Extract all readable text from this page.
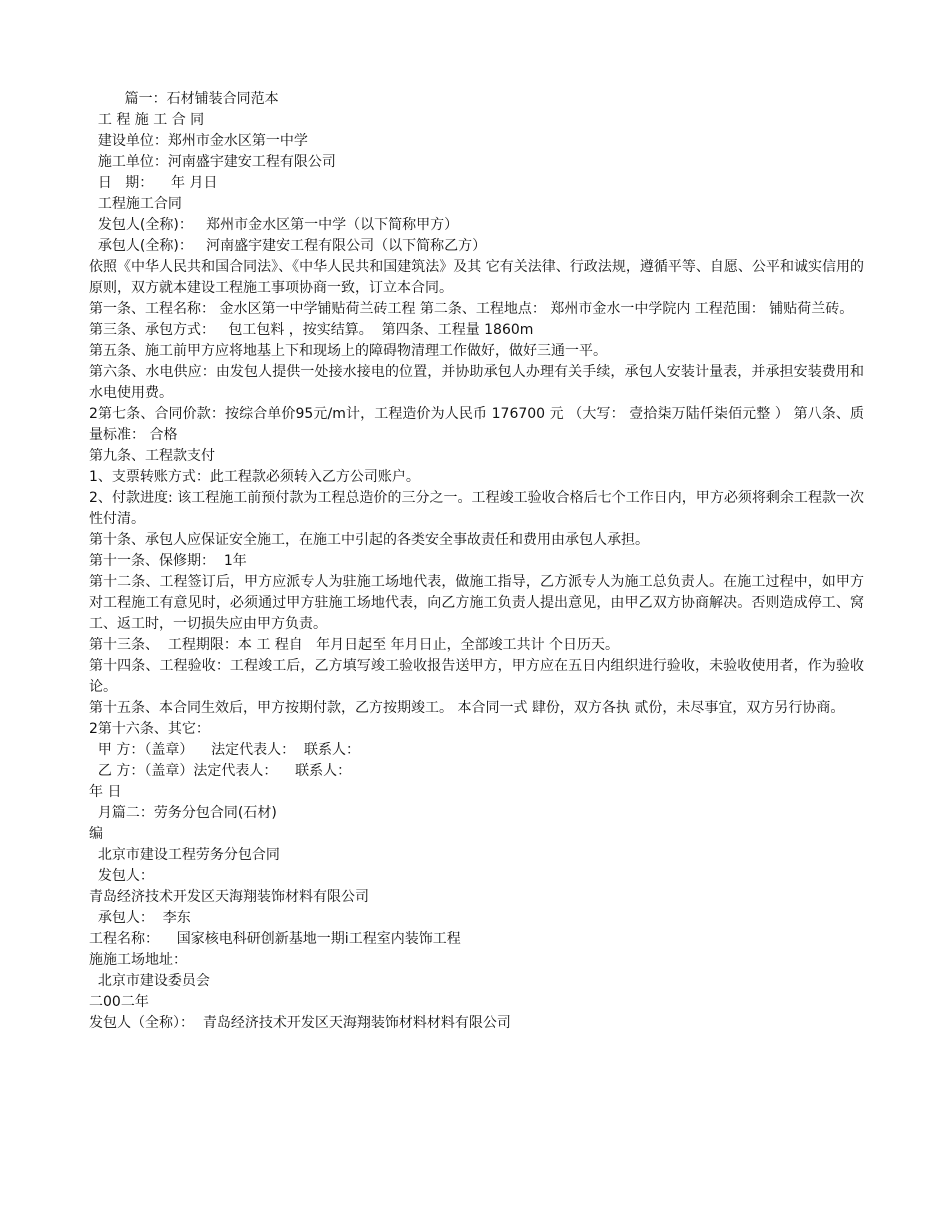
篇一：石材铺装合同范本
工 程 施 工 合 同
建设单位：郑州市金水区第一中学
施工单位：河南盛宇建安工程有限公司
日   期：    年 月日
工程施工合同
发包人(全称)：   郑州市金水区第一中学（以下简称甲方）
承包人(全称)：   河南盛宇建安工程有限公司（以下简称乙方）
依照《中华人民共和国合同法》、《中华人民共和国建筑法》及其 它有关法律、行政法规，遵循平等、自愿、公平和诚实信用的原则，双方就本建设工程施工事项协商一致，订立本合同。
第一条、工程名称： 金水区第一中学铺贴荷兰砖工程 第二条、工程地点： 郑州市金水一中学院内 工程范围： 铺贴荷兰砖。
第三条、承包方式：   包工包料 ，按实结算。  第四条、工程量 1860m
第五条、施工前甲方应将地基上下和现场上的障碍物清理工作做好，做好三通一平。
第六条、水电供应：由发包人提供一处接水接电的位置，并协助承包人办理有关手续，承包人安装计量表，并承担安装费用和水电使用费。
2第七条、合同价款：按综合单价95元/m计，工程造价为人民币 176700 元 （大写： 壹拾柒万陆仟柒佰元整 ） 第八条、质量标准： 合格
第九条、工程款支付
1、支票转账方式：此工程款必须转入乙方公司账户。
2、付款进度: 该工程施工前预付款为工程总造价的三分之一。工程竣工验收合格后七个工作日内，甲方必须将剩余工程款一次性付清。
第十条、承包人应保证安全施工，在施工中引起的各类安全事故责任和费用由承包人承担。
第十一条、保修期：  1年
第十二条、工程签订后，甲方应派专人为驻施工场地代表，做施工指导，乙方派专人为施工总负责人。在施工过程中，如甲方对工程施工有意见时，必须通过甲方驻施工场地代表，向乙方施工负责人提出意见，由甲乙双方协商解决。否则造成停工、窝工、返工时，一切损失应由甲方负责。
第十三条、  工程期限：本 工 程自   年月日起至 年月日止，全部竣工共计 个日历天。
第十四条、工程验收：工程竣工后，乙方填写竣工验收报告送甲方，甲方应在五日内组织进行验收，未验收使用者，作为验收论。
第十五条、本合同生效后，甲方按期付款，乙方按期竣工。 本合同一式 肆份，双方各执 贰份，未尽事宜，双方另行协商。
2第十六条、其它：
甲 方：（盖章）    法定代表人：  联系人：
乙 方：（盖章）法定代表人：    联系人：
年 日
月篇二：劳务分包合同(石材)
编
北京市建设工程劳务分包合同
发包人：
青岛经济技术开发区天海翔装饰材料有限公司
承包人：  李东
工程名称：    国家核电科研创新基地一期i工程室内装饰工程
施施工场地址：
北京市建设委员会
二00二年
发包人（全称）：  青岛经济技术开发区天海翔装饰材料材料有限公司
